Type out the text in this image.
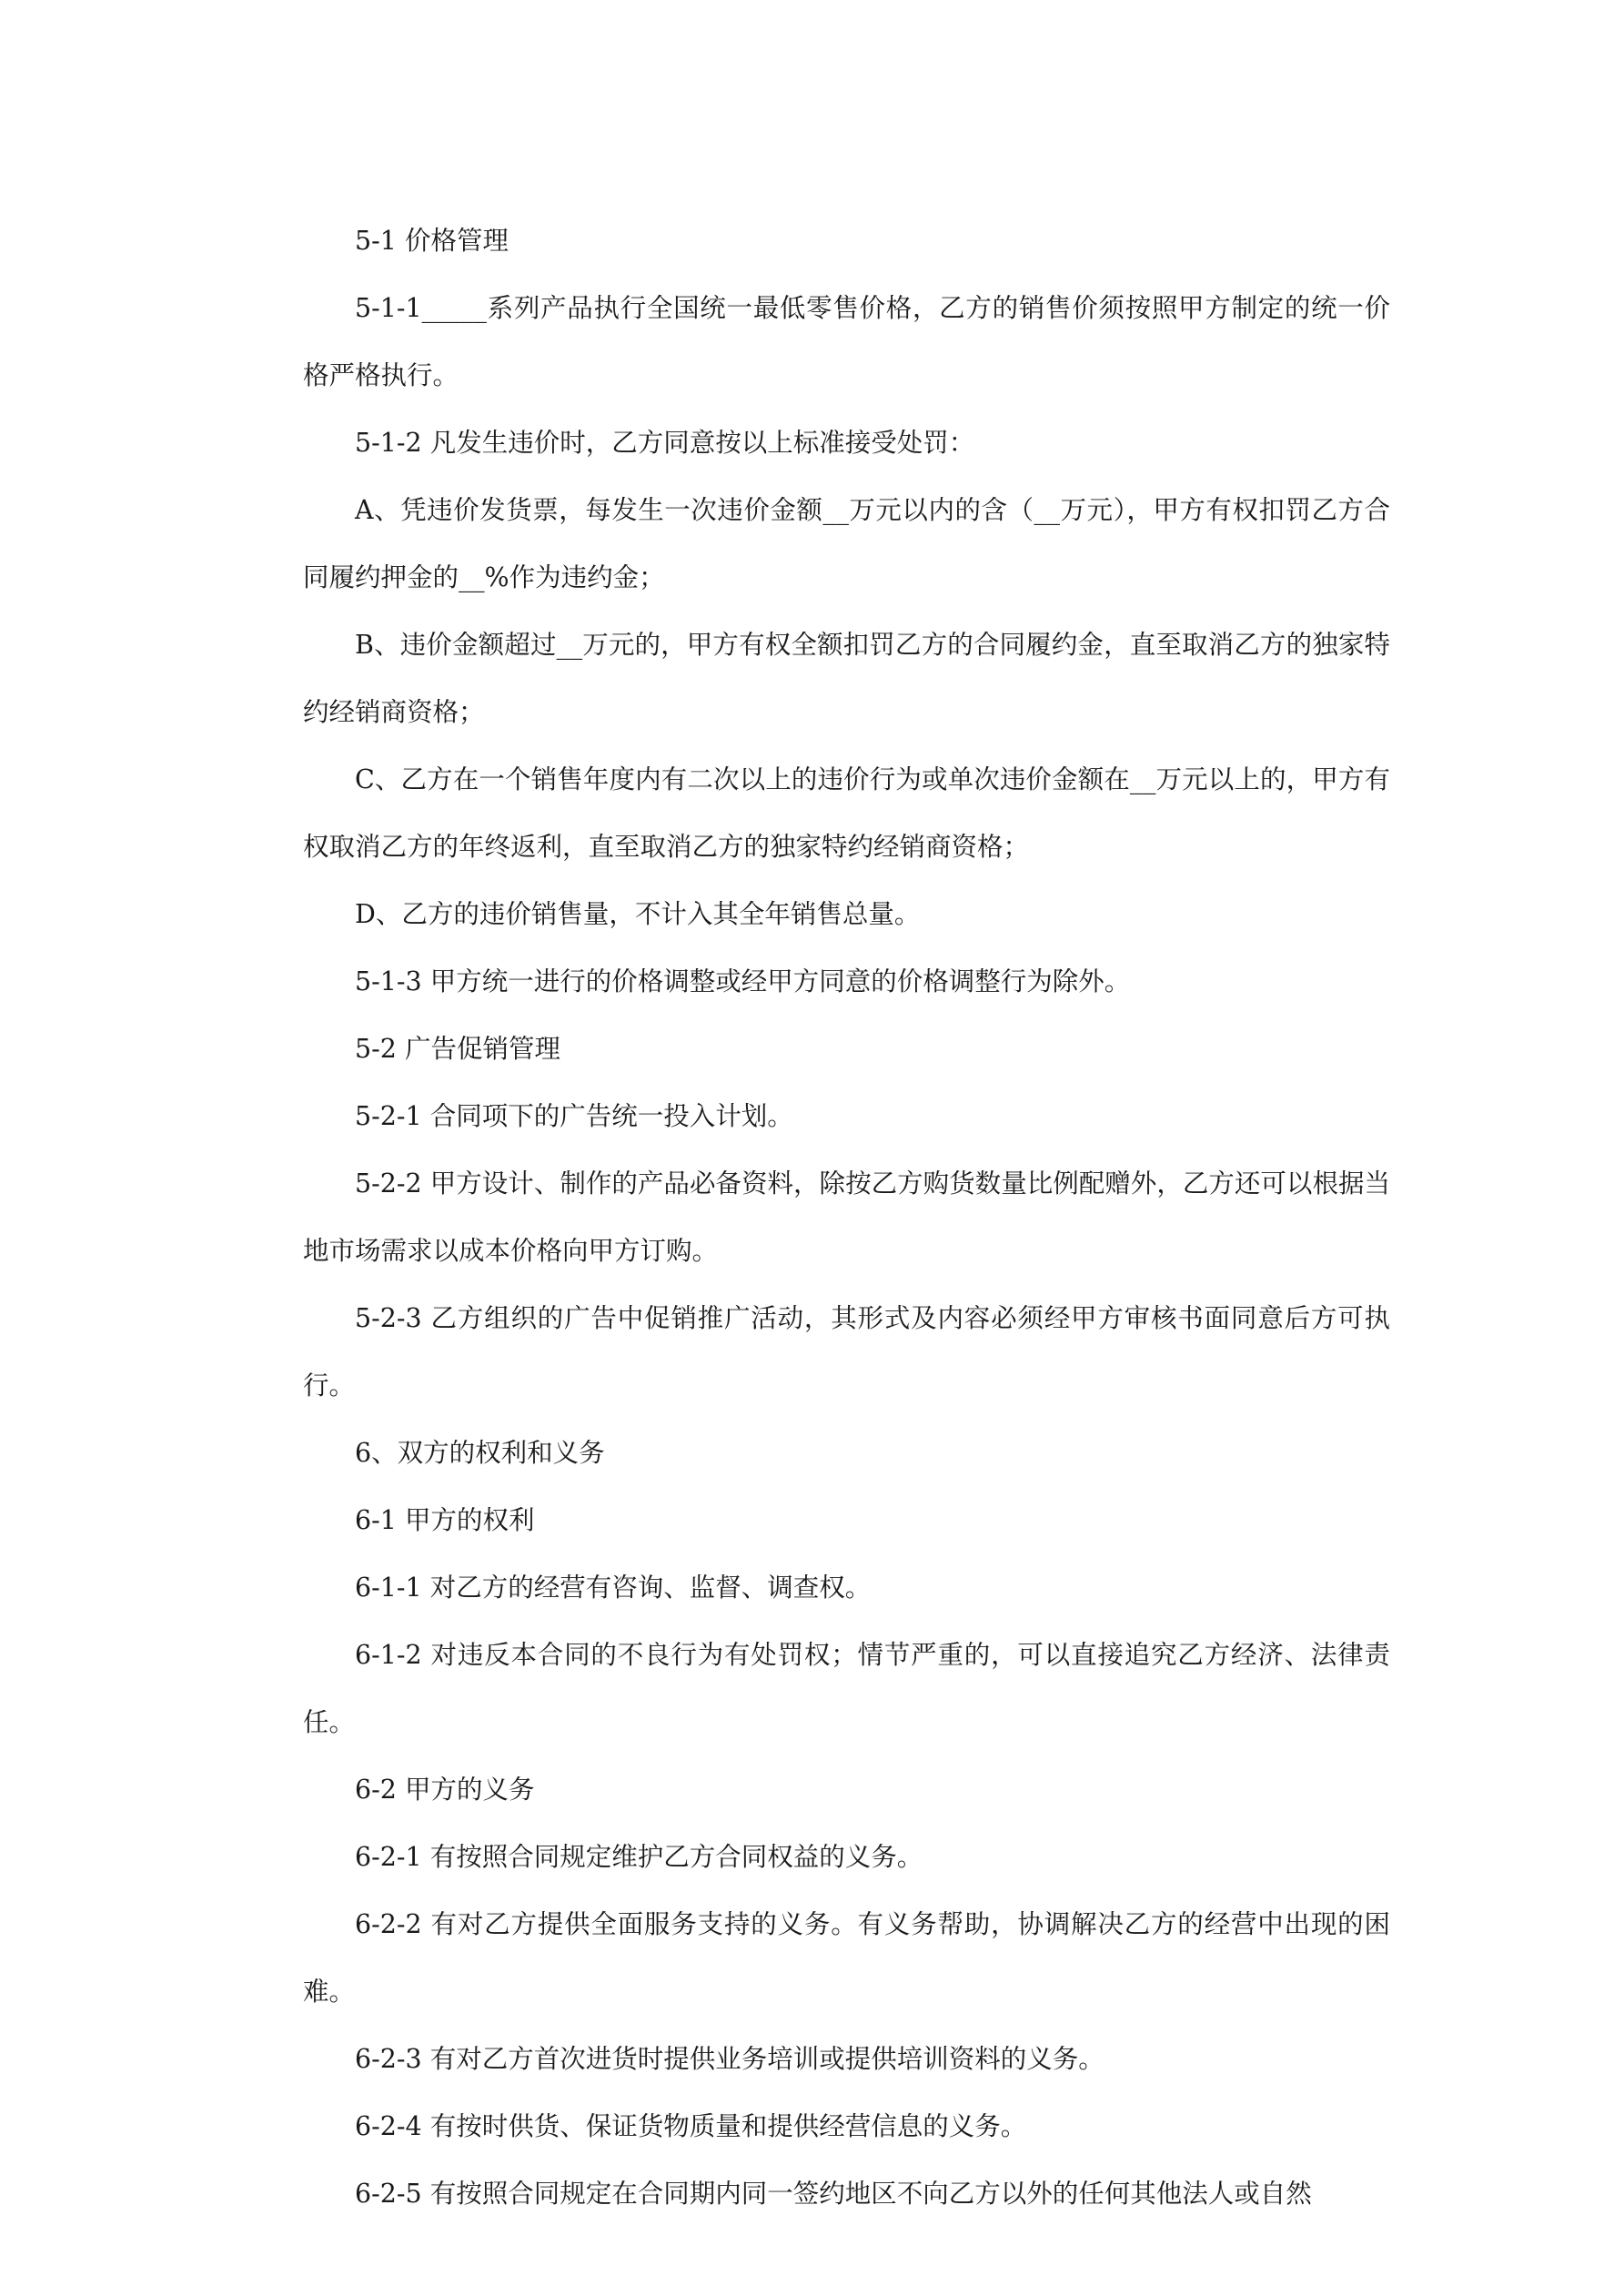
5-1 价格管理

5-1-1_____系列产品执行全国统一最低零售价格，乙方的销售价须按照甲方制定的统一价格严格执行。

5-1-2 凡发生违价时，乙方同意按以上标准接受处罚：

A、凭违价发货票，每发生一次违价金额__万元以内的含（__万元），甲方有权扣罚乙方合同履约押金的__%作为违约金；

B、违价金额超过__万元的，甲方有权全额扣罚乙方的合同履约金，直至取消乙方的独家特约经销商资格；

C、乙方在一个销售年度内有二次以上的违价行为或单次违价金额在__万元以上的，甲方有权取消乙方的年终返利，直至取消乙方的独家特约经销商资格；

D、乙方的违价销售量，不计入其全年销售总量。

5-1-3 甲方统一进行的价格调整或经甲方同意的价格调整行为除外。

5-2 广告促销管理

5-2-1 合同项下的广告统一投入计划。

5-2-2 甲方设计、制作的产品必备资料，除按乙方购货数量比例配赠外，乙方还可以根据当地市场需求以成本价格向甲方订购。

5-2-3 乙方组织的广告中促销推广活动，其形式及内容必须经甲方审核书面同意后方可执行。

6、双方的权利和义务

6-1 甲方的权利

6-1-1 对乙方的经营有咨询、监督、调查权。

6-1-2 对违反本合同的不良行为有处罚权；情节严重的，可以直接追究乙方经济、法律责任。

6-2 甲方的义务

6-2-1 有按照合同规定维护乙方合同权益的义务。

6-2-2 有对乙方提供全面服务支持的义务。有义务帮助，协调解决乙方的经营中出现的困难。

6-2-3 有对乙方首次进货时提供业务培训或提供培训资料的义务。

6-2-4 有按时供货、保证货物质量和提供经营信息的义务。

6-2-5 有按照合同规定在合同期内同一签约地区不向乙方以外的任何其他法人或自然
